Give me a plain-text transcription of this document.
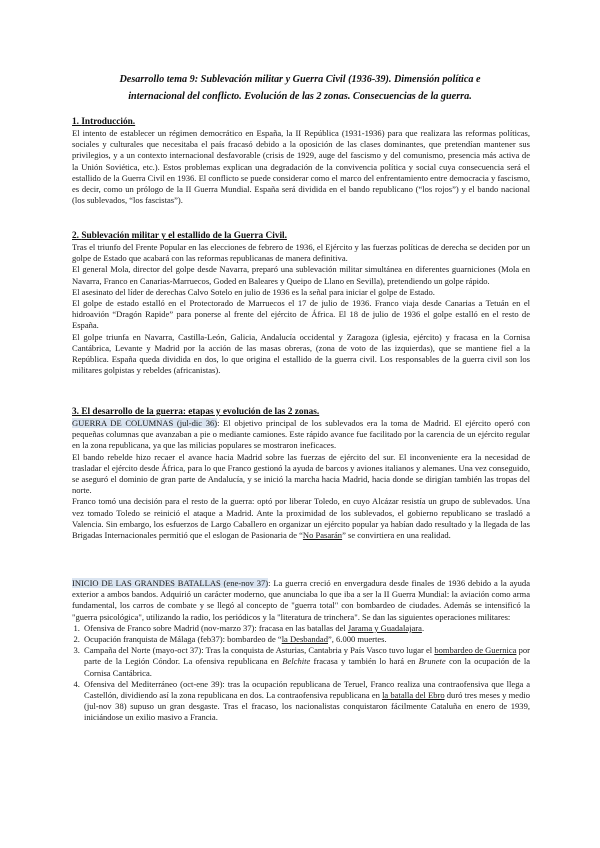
Desarrollo tema 9: Sublevación militar y Guerra Civil (1936-39). Dimensión política e internacional del conflicto. Evolución de las 2 zonas. Consecuencias de la guerra.
1. Introducción.

El intento de establecer un régimen democrático en España, la II República (1931-1936) para que realizara las reformas políticas, sociales y culturales que necesitaba el país fracasó debido a la oposición de las clases dominantes, que pretendían mantener sus privilegios, y a un contexto internacional desfavorable (crisis de 1929, auge del fascismo y del comunismo, presencia más activa de la Unión Soviética, etc.). Estos problemas explican una degradación de la convivencia política y social cuya consecuencia será el estallido de la Guerra Civil en 1936. El conflicto se puede considerar como el marco del enfrentamiento entre democracia y fascismo, es decir, como un prólogo de la II Guerra Mundial. España será dividida en el bando republicano (“los rojos”) y el bando nacional (los sublevados, “los fascistas”).

2. Sublevación militar y el estallido de la Guerra Civil.

Tras el triunfo del Frente Popular en las elecciones de febrero de 1936, el Ejército y las fuerzas políticas de derecha se deciden por un golpe de Estado que acabará con las reformas republicanas de manera definitiva.

El general Mola, director del golpe desde Navarra, preparó una sublevación militar simultánea en diferentes guarniciones (Mola en Navarra, Franco en Canarias-Marruecos, Goded en Baleares y Queipo de Llano en Sevilla), pretendiendo un golpe rápido.

El asesinato del líder de derechas Calvo Sotelo en julio de 1936 es la señal para iniciar el golpe de Estado.

El golpe de estado estalló en el Protectorado de Marruecos el 17 de julio de 1936. Franco viaja desde Canarias a Tetuán en el hidroavión “Dragón Rapide” para ponerse al frente del ejército de África. El 18 de julio de 1936 el golpe estalló en el resto de España.

El golpe triunfa en Navarra, Castilla-León, Galicia, Andalucía occidental y Zaragoza (iglesia, ejército) y fracasa en la Cornisa Cantábrica, Levante y Madrid por la acción de las masas obreras, (zona de voto de las izquierdas), que se mantiene fiel a la República. España queda dividida en dos, lo que origina el estallido de la guerra civil. Los responsables de la guerra civil son los militares golpistas y rebeldes (africanistas).

3. El desarrollo de la guerra: etapas y evolución de las 2 zonas.

GUERRA DE COLUMNAS (jul-dic 36): El objetivo principal de los sublevados era la toma de Madrid. El ejército operó con pequeñas columnas que avanzaban a pie o mediante camiones. Este rápido avance fue facilitado por la carencia de un ejército regular en la zona republicana, ya que las milicias populares se mostraron ineficaces.

El bando rebelde hizo recaer el avance hacia Madrid sobre las fuerzas de ejército del sur. El inconveniente era la necesidad de trasladar el ejército desde África, para lo que Franco gestionó la ayuda de barcos y aviones italianos y alemanes. Una vez conseguido, se aseguró el dominio de gran parte de Andalucía, y se inició la marcha hacia Madrid, hacia donde se dirigían también las tropas del norte.

Franco tomó una decisión para el resto de la guerra: optó por liberar Toledo, en cuyo Alcázar resistía un grupo de sublevados. Una vez tomado Toledo se reinició el ataque a Madrid. Ante la proximidad de los sublevados, el gobierno republicano se trasladó a Valencia. Sin embargo, los esfuerzos de Largo Caballero en organizar un ejército popular ya habían dado resultado y la llegada de las Brigadas Internacionales permitió que el eslogan de Pasionaria de “No Pasarán” se convirtiera en una realidad.

INICIO DE LAS GRANDES BATALLAS (ene-nov 37): La guerra creció en envergadura desde finales de 1936 debido a la ayuda exterior a ambos bandos. Adquirió un carácter moderno, que anunciaba lo que iba a ser la II Guerra Mundial: la aviación como arma fundamental, los carros de combate y se llegó al concepto de "guerra total" con bombardeo de ciudades. Además se intensificó la "guerra psicológica", utilizando la radio, los periódicos y la "literatura de trinchera". Se dan las siguientes operaciones militares:

1. Ofensiva de Franco sobre Madrid (nov-marzo 37): fracasa en las batallas del Jarama y Guadalajara.
2. Ocupación franquista de Málaga (feb37): bombardeo de “la Desbandad”, 6.000 muertes.
3. Campaña del Norte (mayo-oct 37): Tras la conquista de Asturias, Cantabria y País Vasco tuvo lugar el bombardeo de Guernica por parte de la Legión Cóndor. La ofensiva republicana en Belchite fracasa y también lo hará en Brunete con la ocupación de la Cornisa Cantábrica.
4. Ofensiva del Mediterráneo (oct-ene 39): tras la ocupación republicana de Teruel, Franco realiza una contraofensiva que llega a Castellón, dividiendo así la zona republicana en dos. La contraofensiva republicana en la batalla del Ebro duró tres meses y medio (jul-nov 38) supuso un gran desgaste. Tras el fracaso, los nacionalistas conquistaron fácilmente Cataluña en enero de 1939, iniciándose un exilio masivo a Francia.
